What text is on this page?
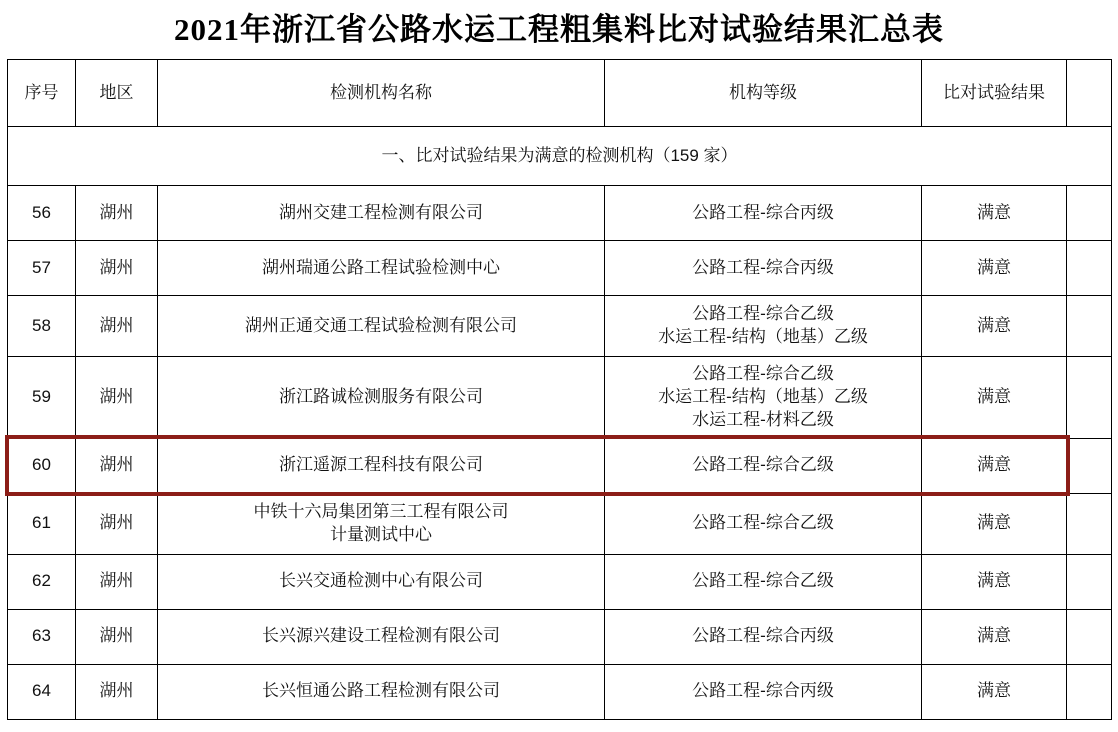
2021年浙江省公路水运工程粗集料比对试验结果汇总表
序号	地区	检测机构名称	机构等级	比对试验结果	
一、比对试验结果为满意的检测机构（159 家）					
56	湖州	湖州交建工程检测有限公司	公路工程-综合丙级	满意	
57	湖州	湖州瑞通公路工程试验检测中心	公路工程-综合丙级	满意	
58	湖州	湖州正通交通工程试验检测有限公司	公路工程-综合乙级
水运工程-结构（地基）乙级	满意	
59	湖州	浙江路诚检测服务有限公司	公路工程-综合乙级
水运工程-结构（地基）乙级
水运工程-材料乙级	满意	
60	湖州	浙江遥源工程科技有限公司	公路工程-综合乙级	满意	
61	湖州	中铁十六局集团第三工程有限公司
计量测试中心	公路工程-综合乙级	满意	
62	湖州	长兴交通检测中心有限公司	公路工程-综合乙级	满意	
63	湖州	长兴源兴建设工程检测有限公司	公路工程-综合丙级	满意	
64	湖州	长兴恒通公路工程检测有限公司	公路工程-综合丙级	满意	
